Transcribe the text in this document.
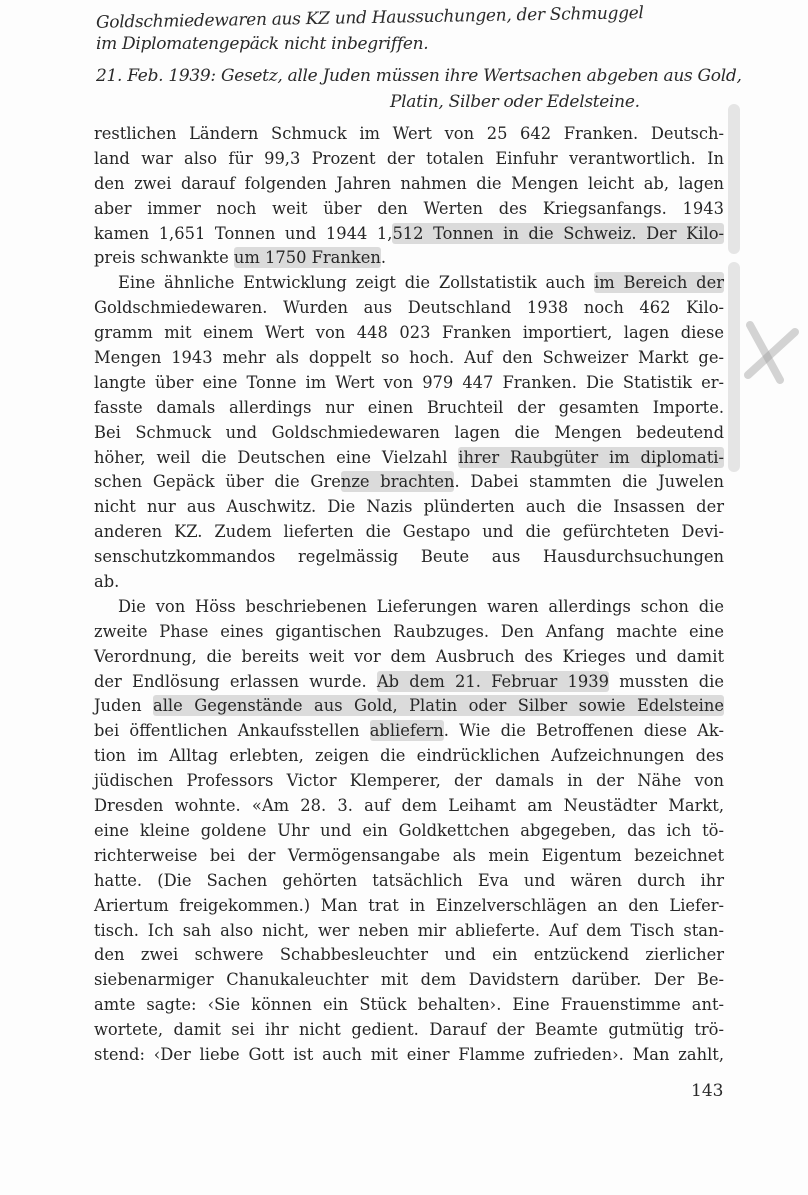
Goldschmiedewaren aus KZ und Haussuchungen, der Schmuggel
im Diplomatengepäck nicht inbegriffen.
21. Feb. 1939: Gesetz, alle Juden müssen ihre Wertsachen abgeben aus Gold,
Platin, Silber oder Edelsteine.
restlichen Ländern Schmuck im Wert von 25 642 Franken. Deutsch-
land war also für 99,3 Prozent der totalen Einfuhr verantwortlich. In
den zwei darauf folgenden Jahren nahmen die Mengen leicht ab, lagen
aber immer noch weit über den Werten des Kriegsanfangs. 1943
kamen 1,651 Tonnen und 1944 1,512 Tonnen in die Schweiz. Der Kilo-
preis schwankte um 1750 Franken.
Eine ähnliche Entwicklung zeigt die Zollstatistik auch im Bereich der
Goldschmiedewaren. Wurden aus Deutschland 1938 noch 462 Kilo-
gramm mit einem Wert von 448 023 Franken importiert, lagen diese
Mengen 1943 mehr als doppelt so hoch. Auf den Schweizer Markt ge-
langte über eine Tonne im Wert von 979 447 Franken. Die Statistik er-
fasste damals allerdings nur einen Bruchteil der gesamten Importe.
Bei Schmuck und Goldschmiedewaren lagen die Mengen bedeutend
höher, weil die Deutschen eine Vielzahl ihrer Raubgüter im diplomati-
schen Gepäck über die Grenze brachten. Dabei stammten die Juwelen
nicht nur aus Auschwitz. Die Nazis plünderten auch die Insassen der
anderen KZ. Zudem lieferten die Gestapo und die gefürchteten Devi-
senschutzkommandos regelmässig Beute aus Hausdurchsuchungen
ab.
Die von Höss beschriebenen Lieferungen waren allerdings schon die
zweite Phase eines gigantischen Raubzuges. Den Anfang machte eine
Verordnung, die bereits weit vor dem Ausbruch des Krieges und damit
der Endlösung erlassen wurde. Ab dem 21. Februar 1939 mussten die
Juden alle Gegenstände aus Gold, Platin oder Silber sowie Edelsteine
bei öffentlichen Ankaufsstellen abliefern. Wie die Betroffenen diese Ak-
tion im Alltag erlebten, zeigen die eindrücklichen Aufzeichnungen des
jüdischen Professors Victor Klemperer, der damals in der Nähe von
Dresden wohnte. «Am 28. 3. auf dem Leihamt am Neustädter Markt,
eine kleine goldene Uhr und ein Goldkettchen abgegeben, das ich tö-
richterweise bei der Vermögensangabe als mein Eigentum bezeichnet
hatte. (Die Sachen gehörten tatsächlich Eva und wären durch ihr
Ariertum freigekommen.) Man trat in Einzelverschlägen an den Liefer-
tisch. Ich sah also nicht, wer neben mir ablieferte. Auf dem Tisch stan-
den zwei schwere Schabbesleuchter und ein entzückend zierlicher
siebenarmiger Chanukaleuchter mit dem Davidstern darüber. Der Be-
amte sagte: ‹Sie können ein Stück behalten›. Eine Frauenstimme ant-
wortete, damit sei ihr nicht gedient. Darauf der Beamte gutmütig trö-
stend: ‹Der liebe Gott ist auch mit einer Flamme zufrieden›. Man zahlt,
143
